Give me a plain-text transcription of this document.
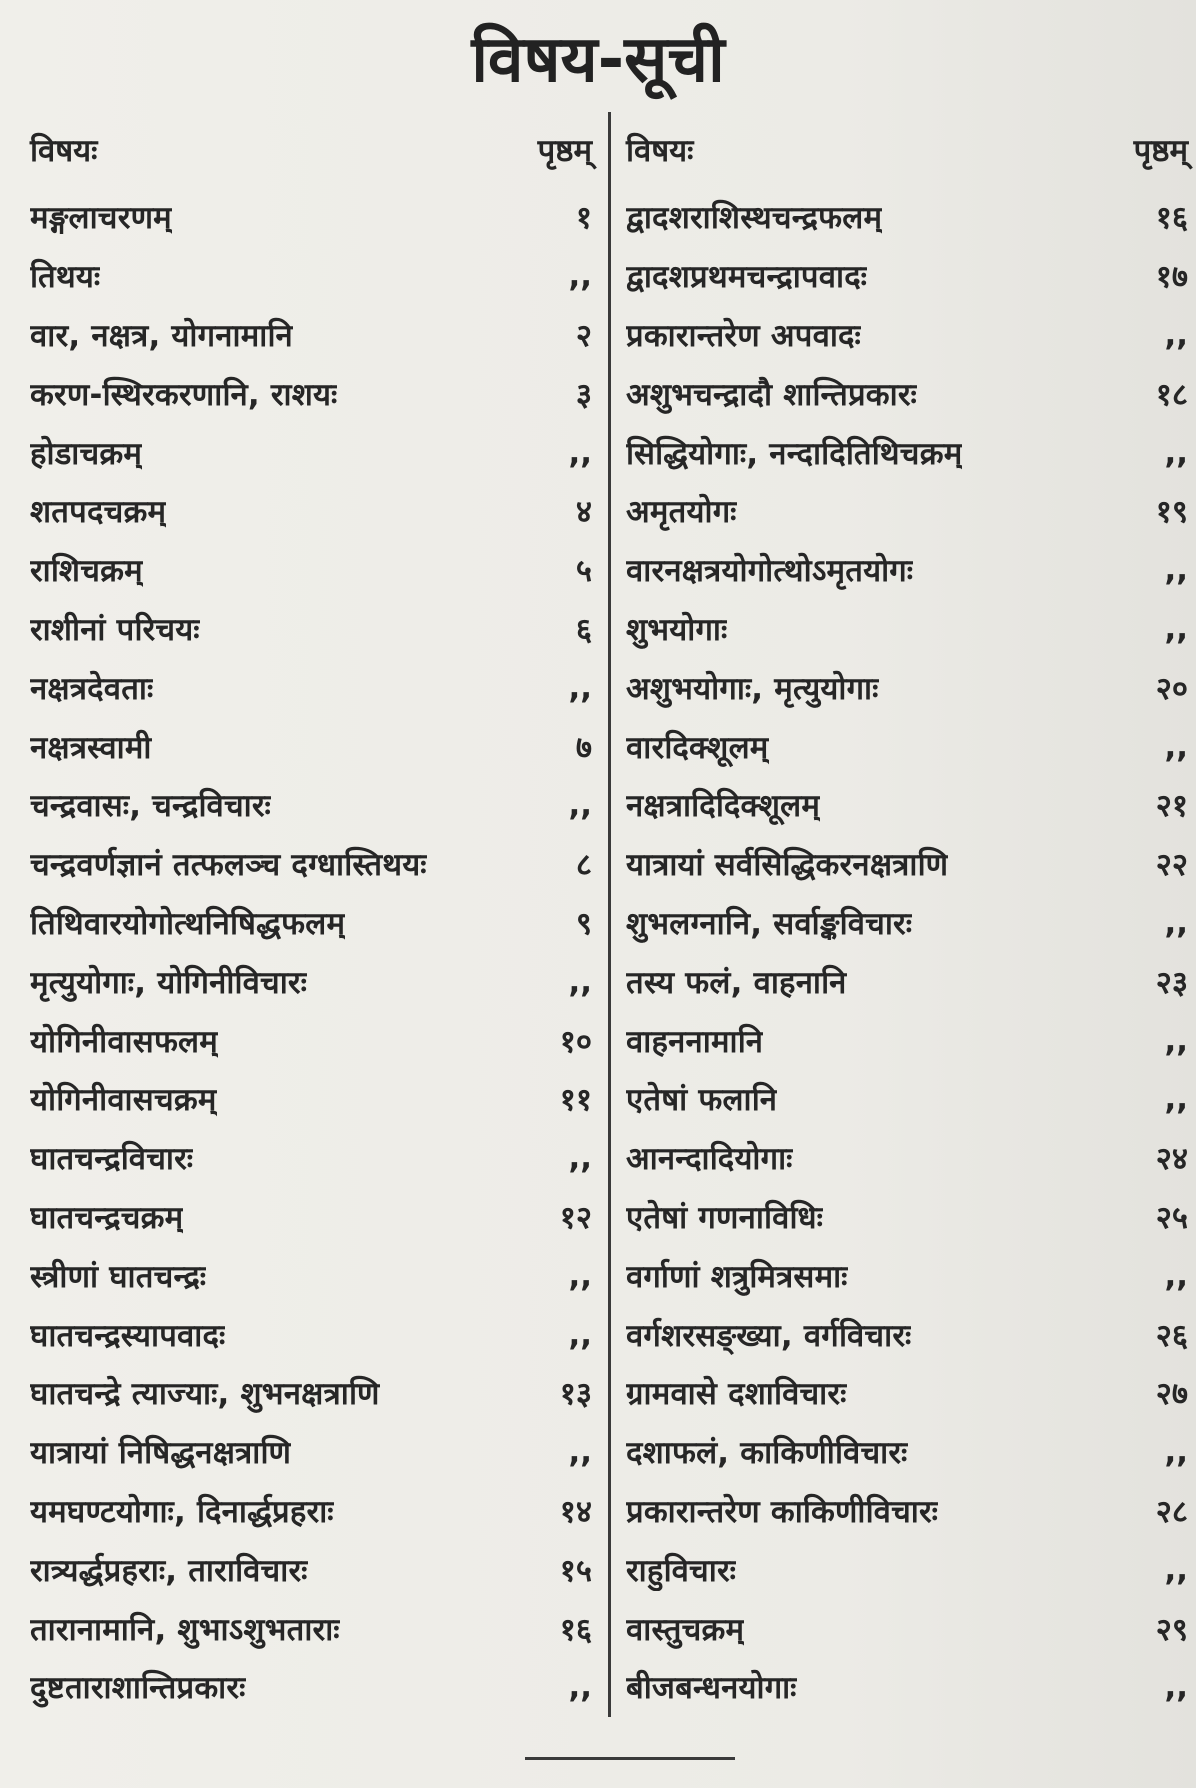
विषय-सूची
विषयः	पृष्ठम्
मङ्गलाचरणम्	१
तिथयः	,,
वार, नक्षत्र, योगनामानि	२
करण-स्थिरकरणानि, राशयः	३
होडाचक्रम्	,,
शतपदचक्रम्	४
राशिचक्रम्	५
राशीनां परिचयः	६
नक्षत्रदेवताः	,,
नक्षत्रस्वामी	७
चन्द्रवासः, चन्द्रविचारः	,,
चन्द्रवर्णज्ञानं तत्फलञ्च दग्धास्तिथयः	८
तिथिवारयोगोत्थनिषिद्धफलम्	९
मृत्युयोगाः, योगिनीविचारः	,,
योगिनीवासफलम्	१०
योगिनीवासचक्रम्	११
घातचन्द्रविचारः	,,
घातचन्द्रचक्रम्	१२
स्त्रीणां घातचन्द्रः	,,
घातचन्द्रस्यापवादः	,,
घातचन्द्रे त्याज्याः, शुभनक्षत्राणि	१३
यात्रायां निषिद्धनक्षत्राणि	,,
यमघण्टयोगाः, दिनार्द्धप्रहराः	१४
रात्र्यर्द्धप्रहराः, ताराविचारः	१५
तारानामानि, शुभाऽशुभताराः	१६
दुष्टताराशान्तिप्रकारः	,,
विषयः	पृष्ठम्
द्वादशराशिस्थचन्द्रफलम्	१६
द्वादशप्रथमचन्द्रापवादः	१७
प्रकारान्तरेण अपवादः	,,
अशुभचन्द्रादौ शान्तिप्रकारः	१८
सिद्धियोगाः, नन्दादितिथिचक्रम्	,,
अमृतयोगः	१९
वारनक्षत्रयोगोत्थोऽमृतयोगः	,,
शुभयोगाः	,,
अशुभयोगाः, मृत्युयोगाः	२०
वारदिक्शूलम्	,,
नक्षत्रादिदिक्शूलम्	२१
यात्रायां सर्वसिद्धिकरनक्षत्राणि	२२
शुभलग्नानि, सर्वाङ्कविचारः	,,
तस्य फलं, वाहनानि	२३
वाहननामानि	,,
एतेषां फलानि	,,
आनन्दादियोगाः	२४
एतेषां गणनाविधिः	२५
वर्गाणां शत्रुमित्रसमाः	,,
वर्गशरसङ्ख्या, वर्गविचारः	२६
ग्रामवासे दशाविचारः	२७
दशाफलं, काकिणीविचारः	,,
प्रकारान्तरेण काकिणीविचारः	२८
राहुविचारः	,,
वास्तुचक्रम्	२९
बीजबन्धनयोगाः	,,
